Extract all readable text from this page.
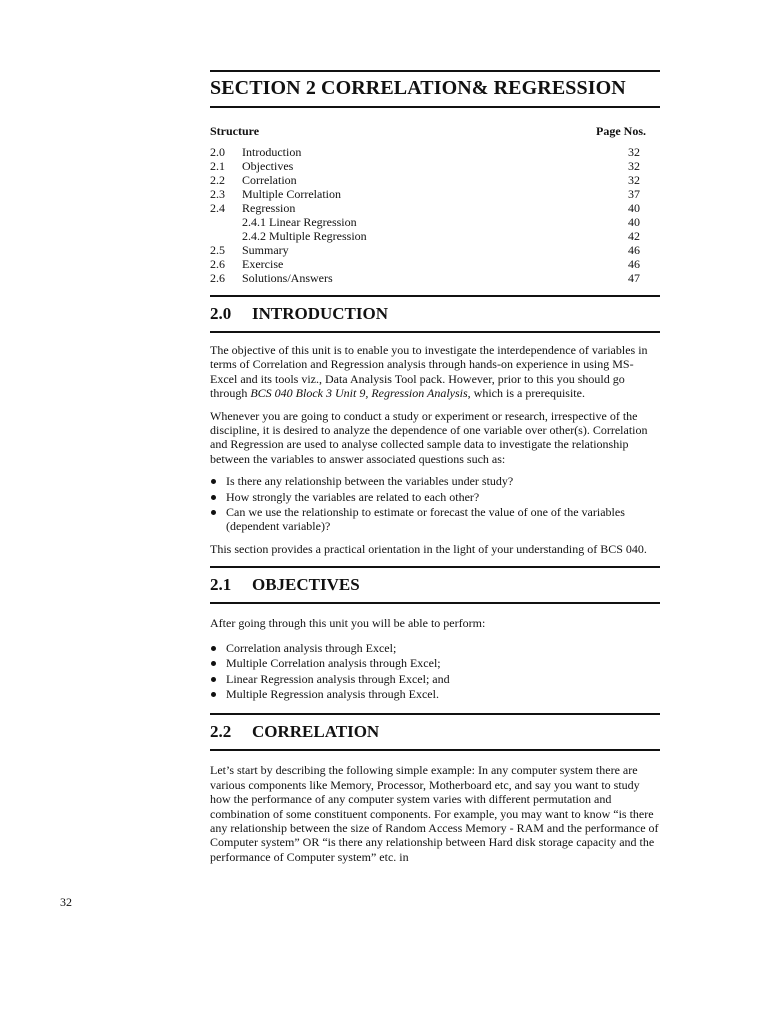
SECTION 2 CORRELATION& REGRESSION
Structure	Page Nos.
2.0	Introduction	32
2.1	Objectives	32
2.2	Correlation	32
2.3	Multiple Correlation	37
2.4	Regression	40
2.4.1 Linear Regression	40
2.4.2 Multiple Regression	42
2.5	Summary	46
2.6	Exercise	46
2.6	Solutions/Answers	47
2.0	INTRODUCTION

The objective of this unit is to enable you to investigate the interdependence of variables in terms of Correlation and Regression analysis through hands-on experience in using MS-Excel and its tools viz., Data Analysis Tool pack. However, prior to this you should go through BCS 040 Block 3 Unit 9, Regression Analysis, which is a prerequisite.

Whenever you are going to conduct a study or experiment or research, irrespective of the discipline, it is desired to analyze the dependence of one variable over other(s). Correlation and Regression are used to analyse collected sample data to investigate the relationship between the variables to answer associated questions such as:

Is there any relationship between the variables under study?
How strongly the variables are related to each other?
Can we use the relationship to estimate or forecast the value of one of the variables (dependent variable)?

This section provides a practical orientation in the light of your understanding of BCS 040.

2.1	OBJECTIVES

After going through this unit you will be able to perform:

Correlation analysis through Excel;
Multiple Correlation analysis through Excel;
Linear Regression analysis through Excel; and
Multiple Regression analysis through Excel.
2.2	CORRELATION

Let’s start by describing the following simple example: In any computer system there are various components like Memory, Processor, Motherboard etc, and say you want to study how the performance of any computer system varies with different permutation and combination of some constituent components. For example, you may want to know “is there any relationship between the size of Random Access Memory - RAM and the performance of Computer system” OR “is there any relationship between Hard disk storage capacity and the performance of Computer system” etc. in

32
